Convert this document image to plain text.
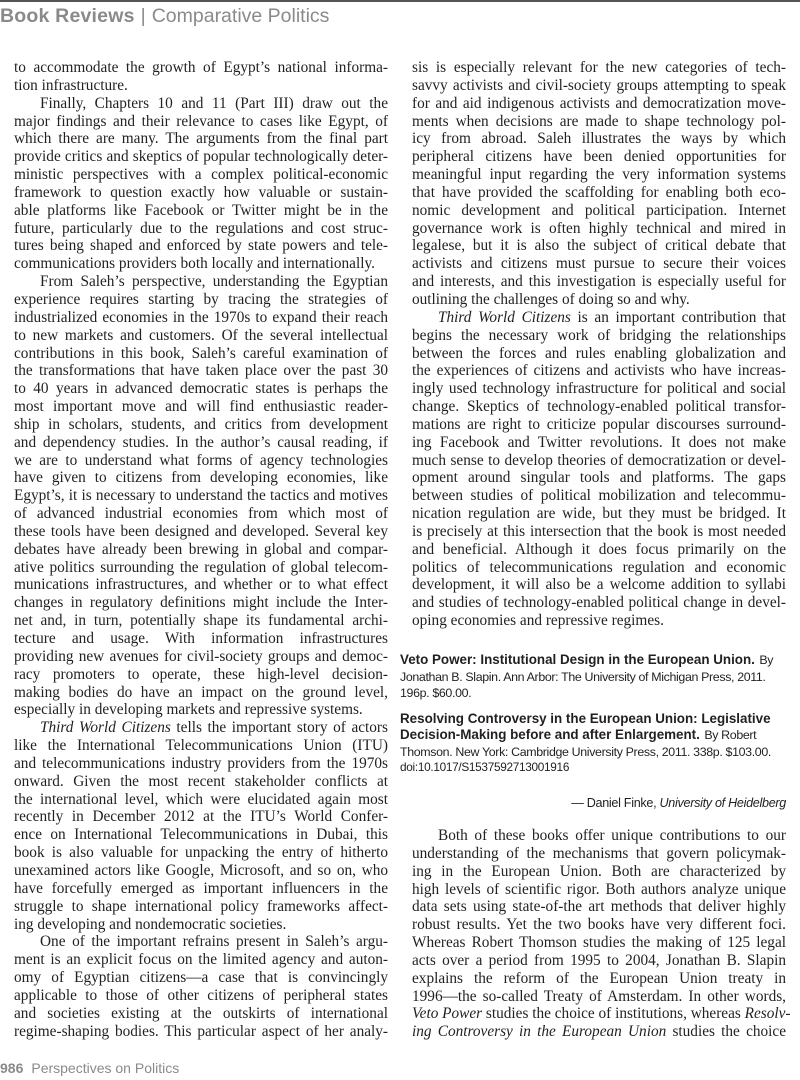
Book Reviews | Comparative Politics
to accommodate the growth of Egypt’s national informa-
tion infrastructure.
Finally, Chapters 10 and 11 (Part III) draw out the
major findings and their relevance to cases like Egypt, of
which there are many. The arguments from the final part
provide critics and skeptics of popular technologically deter-
ministic perspectives with a complex political-economic
framework to question exactly how valuable or sustain-
able platforms like Facebook or Twitter might be in the
future, particularly due to the regulations and cost struc-
tures being shaped and enforced by state powers and tele-
communications providers both locally and internationally.
From Saleh’s perspective, understanding the Egyptian
experience requires starting by tracing the strategies of
industrialized economies in the 1970s to expand their reach
to new markets and customers. Of the several intellectual
contributions in this book, Saleh’s careful examination of
the transformations that have taken place over the past 30
to 40 years in advanced democratic states is perhaps the
most important move and will find enthusiastic reader-
ship in scholars, students, and critics from development
and dependency studies. In the author’s causal reading, if
we are to understand what forms of agency technologies
have given to citizens from developing economies, like
Egypt’s, it is necessary to understand the tactics and motives
of advanced industrial economies from which most of
these tools have been designed and developed. Several key
debates have already been brewing in global and compar-
ative politics surrounding the regulation of global telecom-
munications infrastructures, and whether or to what effect
changes in regulatory definitions might include the Inter-
net and, in turn, potentially shape its fundamental archi-
tecture and usage. With information infrastructures
providing new avenues for civil-society groups and democ-
racy promoters to operate, these high-level decision-
making bodies do have an impact on the ground level,
especially in developing markets and repressive systems.
Third World Citizens tells the important story of actors
like the International Telecommunications Union (ITU)
and telecommunications industry providers from the 1970s
onward. Given the most recent stakeholder conflicts at
the international level, which were elucidated again most
recently in December 2012 at the ITU’s World Confer-
ence on International Telecommunications in Dubai, this
book is also valuable for unpacking the entry of hitherto
unexamined actors like Google, Microsoft, and so on, who
have forcefully emerged as important influencers in the
struggle to shape international policy frameworks affect-
ing developing and nondemocratic societies.
One of the important refrains present in Saleh’s argu-
ment is an explicit focus on the limited agency and auton-
omy of Egyptian citizens—a case that is convincingly
applicable to those of other citizens of peripheral states
and societies existing at the outskirts of international
regime-shaping bodies. This particular aspect of her analy-
sis is especially relevant for the new categories of tech-
savvy activists and civil-society groups attempting to speak
for and aid indigenous activists and democratization move-
ments when decisions are made to shape technology pol-
icy from abroad. Saleh illustrates the ways by which
peripheral citizens have been denied opportunities for
meaningful input regarding the very information systems
that have provided the scaffolding for enabling both eco-
nomic development and political participation. Internet
governance work is often highly technical and mired in
legalese, but it is also the subject of critical debate that
activists and citizens must pursue to secure their voices
and interests, and this investigation is especially useful for
outlining the challenges of doing so and why.
Third World Citizens is an important contribution that
begins the necessary work of bridging the relationships
between the forces and rules enabling globalization and
the experiences of citizens and activists who have increas-
ingly used technology infrastructure for political and social
change. Skeptics of technology-enabled political transfor-
mations are right to criticize popular discourses surround-
ing Facebook and Twitter revolutions. It does not make
much sense to develop theories of democratization or devel-
opment around singular tools and platforms. The gaps
between studies of political mobilization and telecommu-
nication regulation are wide, but they must be bridged. It
is precisely at this intersection that the book is most needed
and beneficial. Although it does focus primarily on the
politics of telecommunications regulation and economic
development, it will also be a welcome addition to syllabi
and studies of technology-enabled political change in devel-
oping economies and repressive regimes.
Veto Power: Institutional Design in the European Union. By Jonathan B. Slapin. Ann Arbor: The University of Michigan Press, 2011. 196p. $60.00.
Resolving Controversy in the European Union: Legislative Decision-Making before and after Enlargement. By Robert Thomson. New York: Cambridge University Press, 2011. 338p. $103.00.
doi:10.1017/S1537592713001916
— Daniel Finke, University of Heidelberg
Both of these books offer unique contributions to our
understanding of the mechanisms that govern policymak-
ing in the European Union. Both are characterized by
high levels of scientific rigor. Both authors analyze unique
data sets using state-of-the art methods that deliver highly
robust results. Yet the two books have very different foci.
Whereas Robert Thomson studies the making of 125 legal
acts over a period from 1995 to 2004, Jonathan B. Slapin
explains the reform of the European Union treaty in
1996—the so-called Treaty of Amsterdam. In other words,
Veto Power studies the choice of institutions, whereas Resolv-
ing Controversy in the European Union studies the choice
986 Perspectives on Politics
